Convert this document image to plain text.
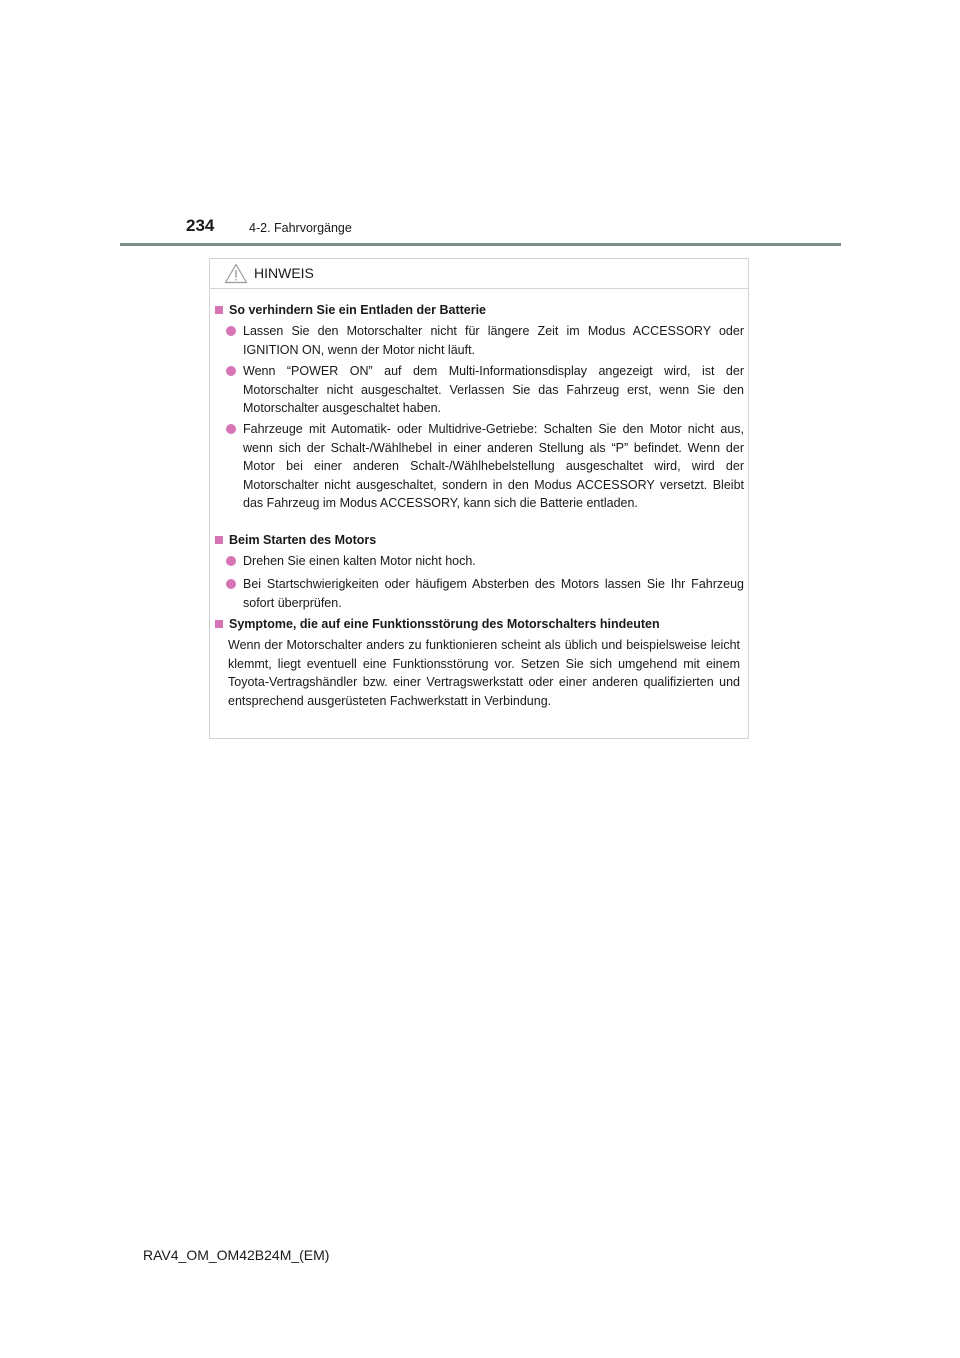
234	4-2. Fahrvorgänge
HINWEIS
So verhindern Sie ein Entladen der Batterie
Lassen Sie den Motorschalter nicht für längere Zeit im Modus ACCESSORY oder IGNITION ON, wenn der Motor nicht läuft.
Wenn “POWER ON” auf dem Multi-Informationsdisplay angezeigt wird, ist der Motorschalter nicht ausgeschaltet. Verlassen Sie das Fahrzeug erst, wenn Sie den Motorschalter ausgeschaltet haben.
Fahrzeuge mit Automatik- oder Multidrive-Getriebe: Schalten Sie den Motor nicht aus, wenn sich der Schalt-/Wählhebel in einer anderen Stellung als “P” befindet. Wenn der Motor bei einer anderen Schalt-/Wählhebelstellung ausgeschaltet wird, wird der Motorschalter nicht ausgeschaltet, sondern in den Modus ACCESSORY versetzt. Bleibt das Fahrzeug im Modus ACCESSORY, kann sich die Batterie entladen.
Beim Starten des Motors
Drehen Sie einen kalten Motor nicht hoch.
Bei Startschwierigkeiten oder häufigem Absterben des Motors lassen Sie Ihr Fahrzeug sofort überprüfen.
Symptome, die auf eine Funktionsstörung des Motorschalters hindeuten
Wenn der Motorschalter anders zu funktionieren scheint als üblich und beispielsweise leicht klemmt, liegt eventuell eine Funktionsstörung vor. Setzen Sie sich umgehend mit einem Toyota-Vertragshändler bzw. einer Vertragswerkstatt oder einer anderen qualifizierten und entsprechend ausgerüsteten Fachwerkstatt in Verbindung.
RAV4_OM_OM42B24M_(EM)
